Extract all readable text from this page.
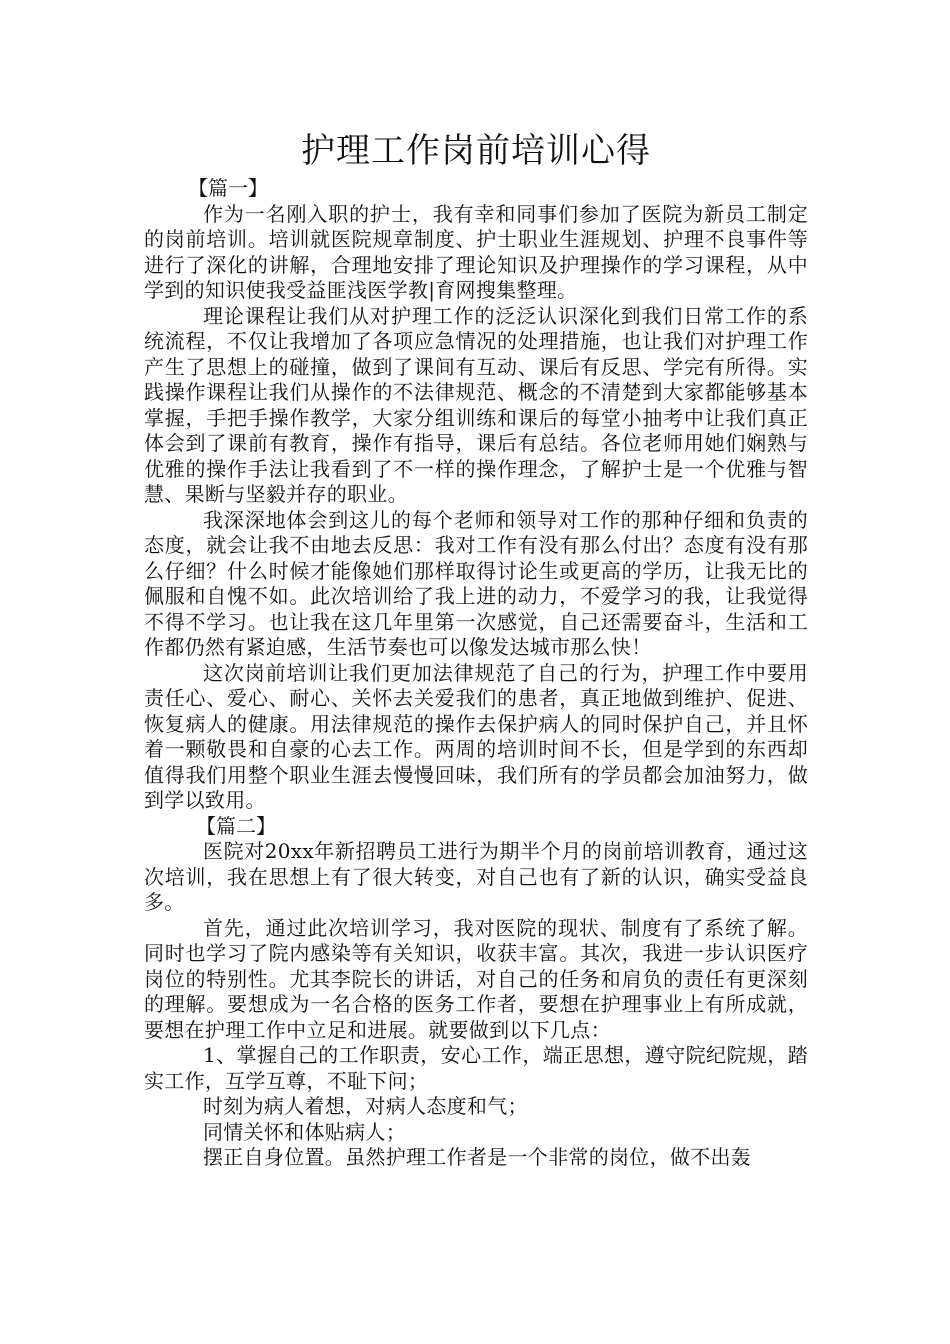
护理工作岗前培训心得
【篇一】

作为一名刚入职的护士，我有幸和同事们参加了医院为新员工制定的岗前培训。培训就医院规章制度、护士职业生涯规划、护理不良事件等进行了深化的讲解，合理地安排了理论知识及护理操作的学习课程，从中学到的知识使我受益匪浅医学教|育网搜集整理。

理论课程让我们从对护理工作的泛泛认识深化到我们日常工作的系统流程，不仅让我增加了各项应急情况的处理措施，也让我们对护理工作产生了思想上的碰撞，做到了课间有互动、课后有反思、学完有所得。实践操作课程让我们从操作的不法律规范、概念的不清楚到大家都能够基本掌握，手把手操作教学，大家分组训练和课后的每堂小抽考中让我们真正体会到了课前有教育，操作有指导，课后有总结。各位老师用她们娴熟与优雅的操作手法让我看到了不一样的操作理念，了解护士是一个优雅与智慧、果断与坚毅并存的职业。

我深深地体会到这儿的每个老师和领导对工作的那种仔细和负责的态度，就会让我不由地去反思：我对工作有没有那么付出？态度有没有那么仔细？什么时候才能像她们那样取得讨论生或更高的学历，让我无比的佩服和自愧不如。此次培训给了我上进的动力，不爱学习的我，让我觉得不得不学习。也让我在这几年里第一次感觉，自己还需要奋斗，生活和工作都仍然有紧迫感，生活节奏也可以像发达城市那么快！

这次岗前培训让我们更加法律规范了自己的行为，护理工作中要用责任心、爱心、耐心、关怀去关爱我们的患者，真正地做到维护、促进、恢复病人的健康。用法律规范的操作去保护病人的同时保护自己，并且怀着一颗敬畏和自豪的心去工作。两周的培训时间不长，但是学到的东西却值得我们用整个职业生涯去慢慢回味，我们所有的学员都会加油努力，做到学以致用。

【篇二】

医院对20xx年新招聘员工进行为期半个月的岗前培训教育，通过这次培训，我在思想上有了很大转变，对自己也有了新的认识，确实受益良多。

首先，通过此次培训学习，我对医院的现状、制度有了系统了解。同时也学习了院内感染等有关知识，收获丰富。其次，我进一步认识医疗岗位的特别性。尤其李院长的讲话，对自己的任务和肩负的责任有更深刻的理解。要想成为一名合格的医务工作者，要想在护理事业上有所成就，要想在护理工作中立足和进展。就要做到以下几点：

1、掌握自己的工作职责，安心工作，端正思想，遵守院纪院规，踏实工作，互学互尊，不耻下问；

时刻为病人着想，对病人态度和气；

同情关怀和体贴病人；

摆正自身位置。虽然护理工作者是一个非常的岗位，做不出轰
